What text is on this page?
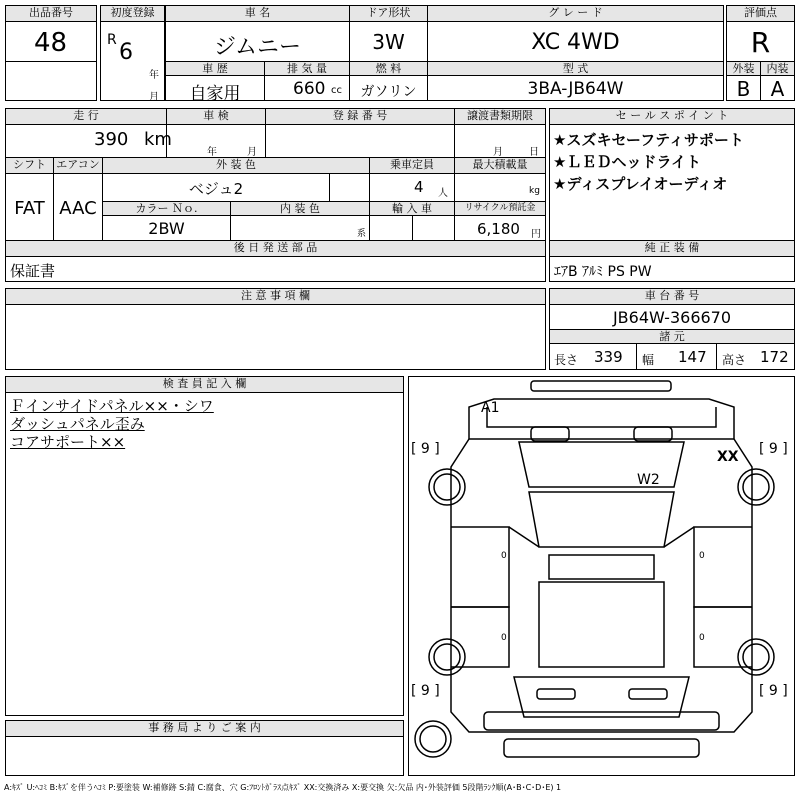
出品番号
48
初度登録
R 6
年
月
車 名
ジムニー
ドア形状
3W
グ レ ー ド
XC 4WD
評価点
R
車 歴
自家用
排 気 量
660 cc
燃 料
ガソリン
型 式
3BA-JB64W
外装
B
内装
A
走 行
390 km
車 検
年	月
登 録 番 号	譲渡書類期限
月	日
セ ー ル ス ポ イ ン ト
★スズキセーフティサポート
★ＬＥＤヘッドライト
★ディスプレイオーディオ
シフト
FAT
エアコン
AAC
外 装 色
ベジュ2
乗車定員
4 人
最大積載量
kg
カラー Ｎｏ.
2BW
内 装 色
系
輸 入 車	リサイクル預託金
6,180 円
後 日 発 送 部 品
保証書
純 正 装 備
ｴｱB ｱﾙﾐ PS PW
注 意 事 項 欄	車 台 番 号
JB64W-366670
諸 元
長さ 339 幅 147 高さ 172
検 査 員 記 入 欄
Ｆインサイドパネル××・シワ
ダッシュパネル歪み
コアサポート××
事 務 局 よ り ご 案 内
A1
W2
XX
[ 9 ]	[ 9 ]
[ 9 ]	[ 9 ]
0	0
0	0
A:ｷｽﾞ U:ﾍｺﾐ B:ｷｽﾞを伴うﾍｺﾐ P:要塗装 W:補修跡 S:錆 C:腐食、穴 G:ﾌﾛﾝﾄｶﾞﾗｽ点ｷｽﾞ XX:交換済み X:要交換 欠:欠品 内･外装評価 5段階ﾗﾝｸ順(A･B･C･D･E) 1
